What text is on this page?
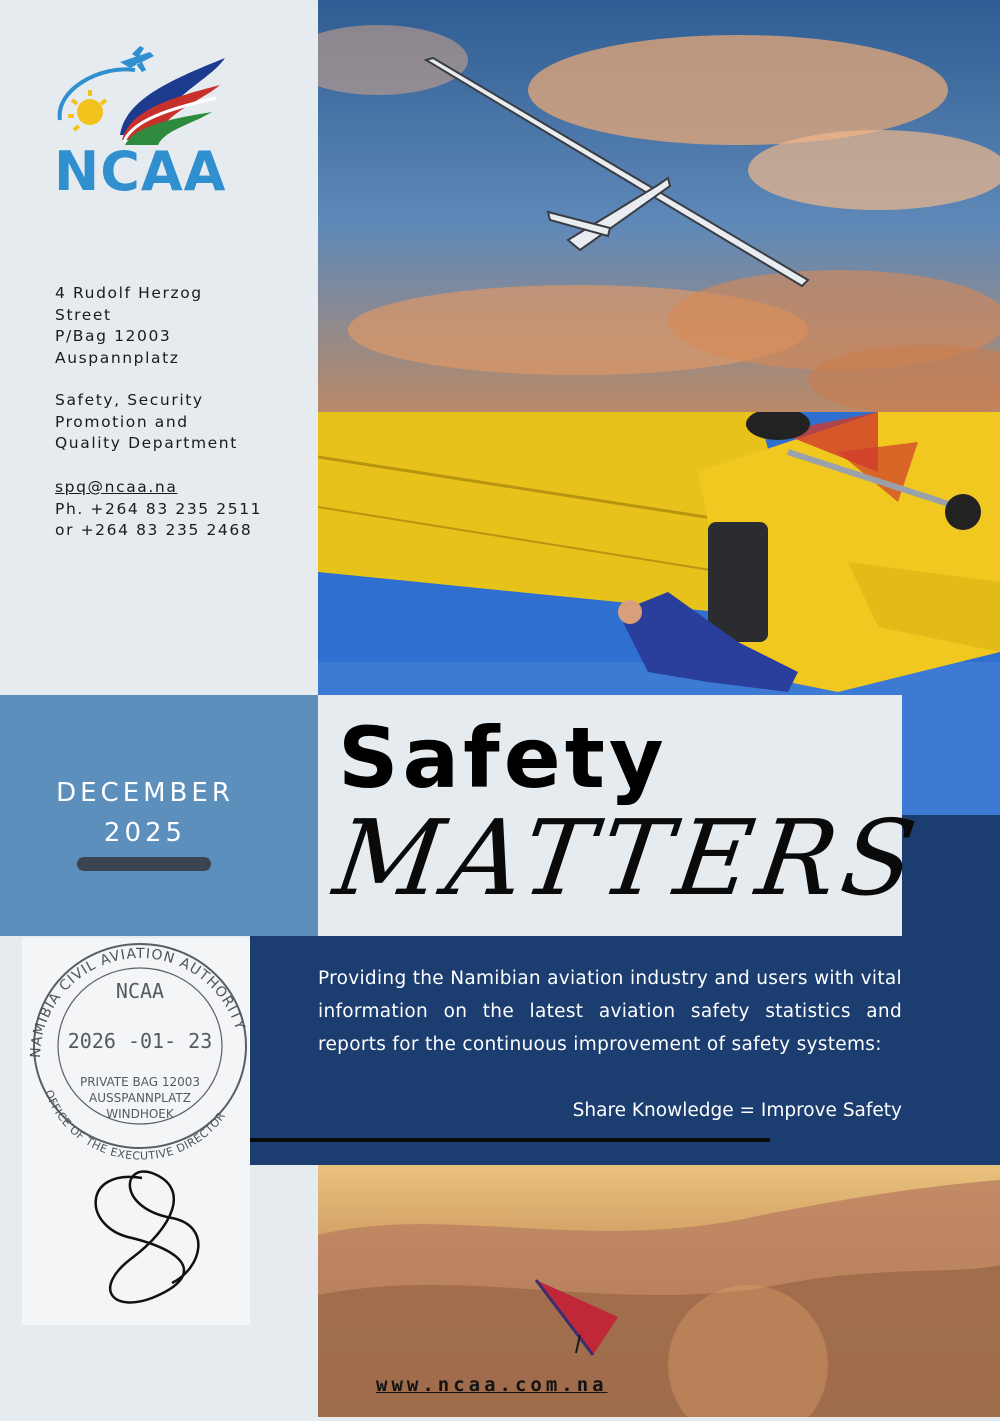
NCAA
4 Rudolf Herzog
Street
P/Bag 12003
Auspannplatz
Safety, Security
Promotion and
Quality Department
spq@ncaa.na
Ph. +264 83 235 2511
or +264 83 235 2468
DECEMBER
2025
Safety
MATTERS
Providing the Namibian aviation industry and users with vital information on the latest aviation safety statistics and reports for the continuous improvement of safety systems:
Share Knowledge = Improve Safety
NAMIBIA CIVIL AVIATION AUTHORITY
OFFICE OF THE EXECUTIVE DIRECTOR
NCAA
2026 -01- 23
PRIVATE BAG 12003
AUSSPANNPLATZ
WINDHOEK
www.ncaa.com.na
